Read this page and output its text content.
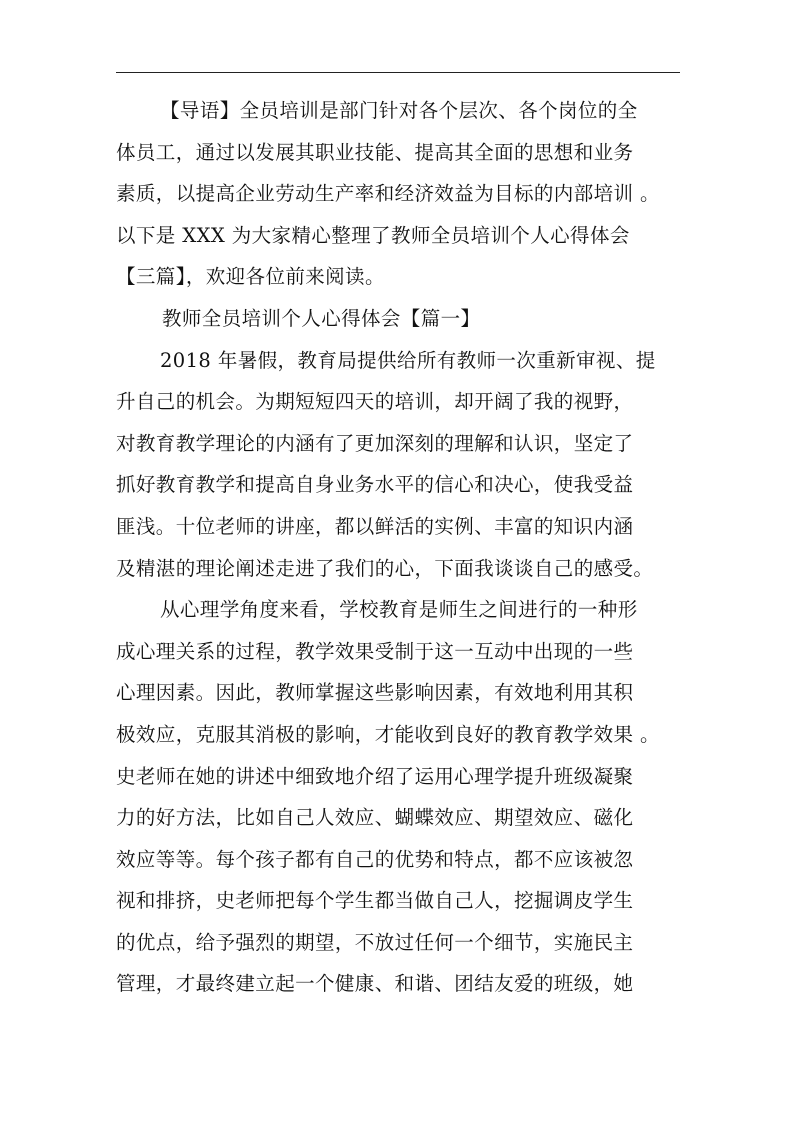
【导语】全员培训是部门针对各个层次、各个岗位的全
体员工，通过以发展其职业技能、提高其全面的思想和业务
素质，以提高企业劳动生产率和经济效益为目标的内部培训 。
以下是 XXX 为大家精心整理了教师全员培训个人心得体会
【三篇】，欢迎各位前来阅读。
教师全员培训个人心得体会【篇一】
2018 年暑假，教育局提供给所有教师一次重新审视、提
升自己的机会。为期短短四天的培训，却开阔了我的视野，
对教育教学理论的内涵有了更加深刻的理解和认识，坚定了
抓好教育教学和提高自身业务水平的信心和决心，使我受益
匪浅。十位老师的讲座，都以鲜活的实例、丰富的知识内涵
及精湛的理论阐述走进了我们的心，下面我谈谈自己的感受。
从心理学角度来看，学校教育是师生之间进行的一种形
成心理关系的过程，教学效果受制于这一互动中出现的一些
心理因素。因此，教师掌握这些影响因素，有效地利用其积
极效应，克服其消极的影响，才能收到良好的教育教学效果 。
史老师在她的讲述中细致地介绍了运用心理学提升班级凝聚
力的好方法，比如自己人效应、蝴蝶效应、期望效应、磁化
效应等等。每个孩子都有自己的优势和特点，都不应该被忽
视和排挤，史老师把每个学生都当做自己人，挖掘调皮学生
的优点，给予强烈的期望，不放过任何一个细节，实施民主
管理，才最终建立起一个健康、和谐、团结友爱的班级，她
